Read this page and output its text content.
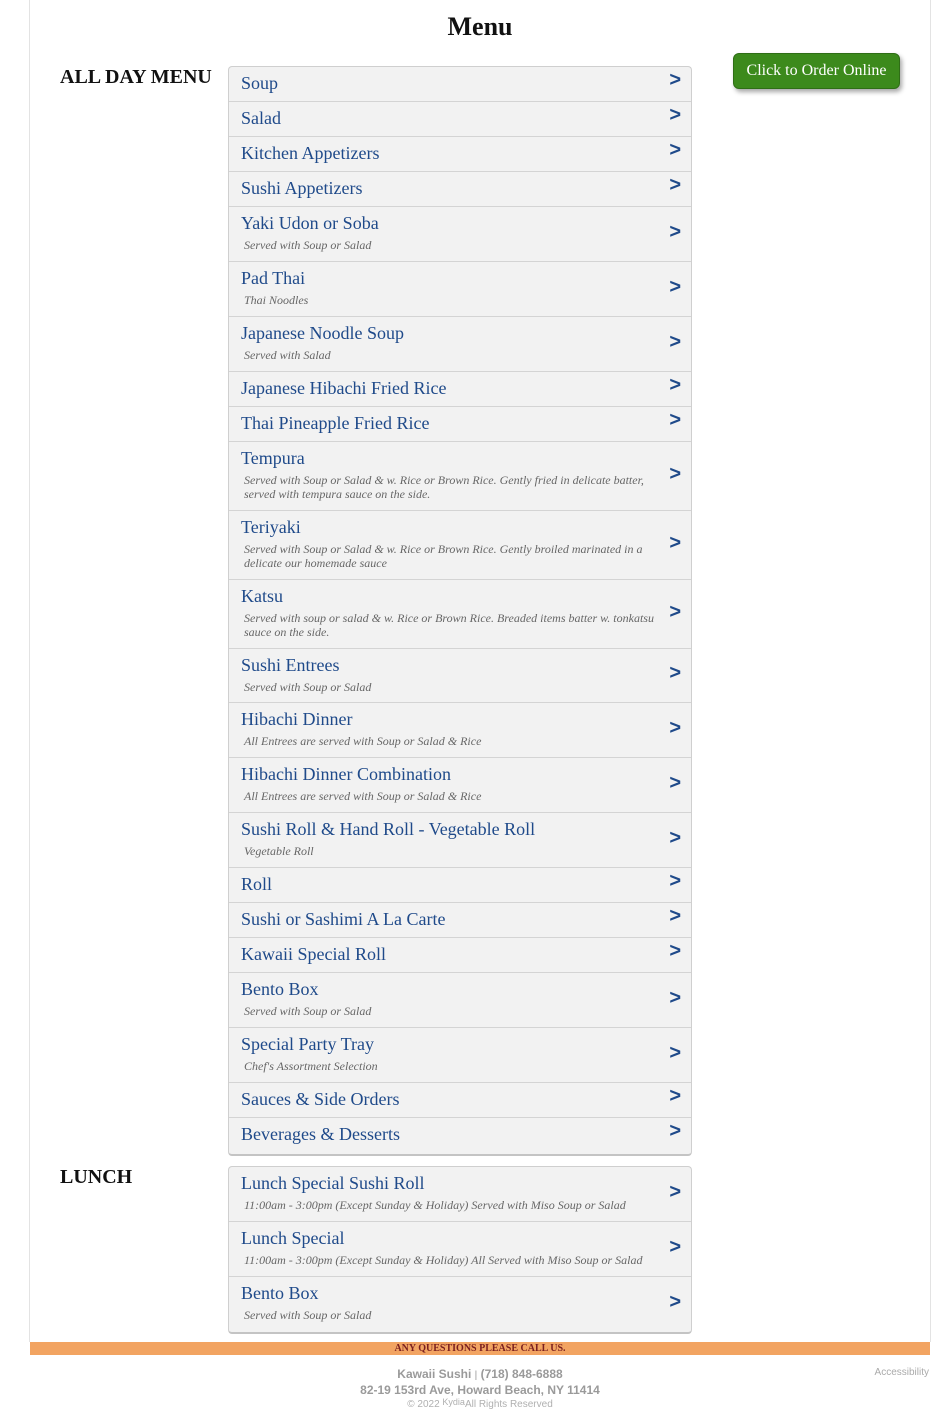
Menu
Click to Order Online
ALL DAY MENU Soup	>
Salad	>
Kitchen Appetizers	>
Sushi Appetizers	>
Yaki Udon or Soba
Served with Soup or Salad
>
Pad Thai
Thai Noodles
>
Japanese Noodle Soup
Served with Salad
>
Japanese Hibachi Fried Rice	>
Thai Pineapple Fried Rice	>
Tempura
Served with Soup or Salad & w. Rice or Brown Rice. Gently fried in delicate batter, served with tempura sauce on the side.
>
Teriyaki
Served with Soup or Salad & w. Rice or Brown Rice. Gently broiled marinated in a delicate our homemade sauce
>
Katsu
Served with soup or salad & w. Rice or Brown Rice. Breaded items batter w. tonkatsu sauce on the side.
>
Sushi Entrees
Served with Soup or Salad
>
Hibachi Dinner
All Entrees are served with Soup or Salad & Rice
>
Hibachi Dinner Combination
All Entrees are served with Soup or Salad & Rice
>
Sushi Roll & Hand Roll - Vegetable Roll
Vegetable Roll
>
Roll	>
Sushi or Sashimi A La Carte	>
Kawaii Special Roll	>
Bento Box
Served with Soup or Salad
>
Special Party Tray
Chef's Assortment Selection
>
Sauces & Side Orders	>
Beverages & Desserts	>
LUNCH	Lunch Special Sushi Roll
11:00am - 3:00pm (Except Sunday & Holiday) Served with Miso Soup or Salad
>
Lunch Special
11:00am - 3:00pm (Except Sunday & Holiday) All Served with Miso Soup or Salad
>
Bento Box
Served with Soup or Salad
>
ANY QUESTIONS PLEASE CALL US.
Kawaii Sushi | (718) 848-6888
82-19 153rd Ave, Howard Beach, NY 11414
© 2022 KydiaAll Rights Reserved
Accessibility
